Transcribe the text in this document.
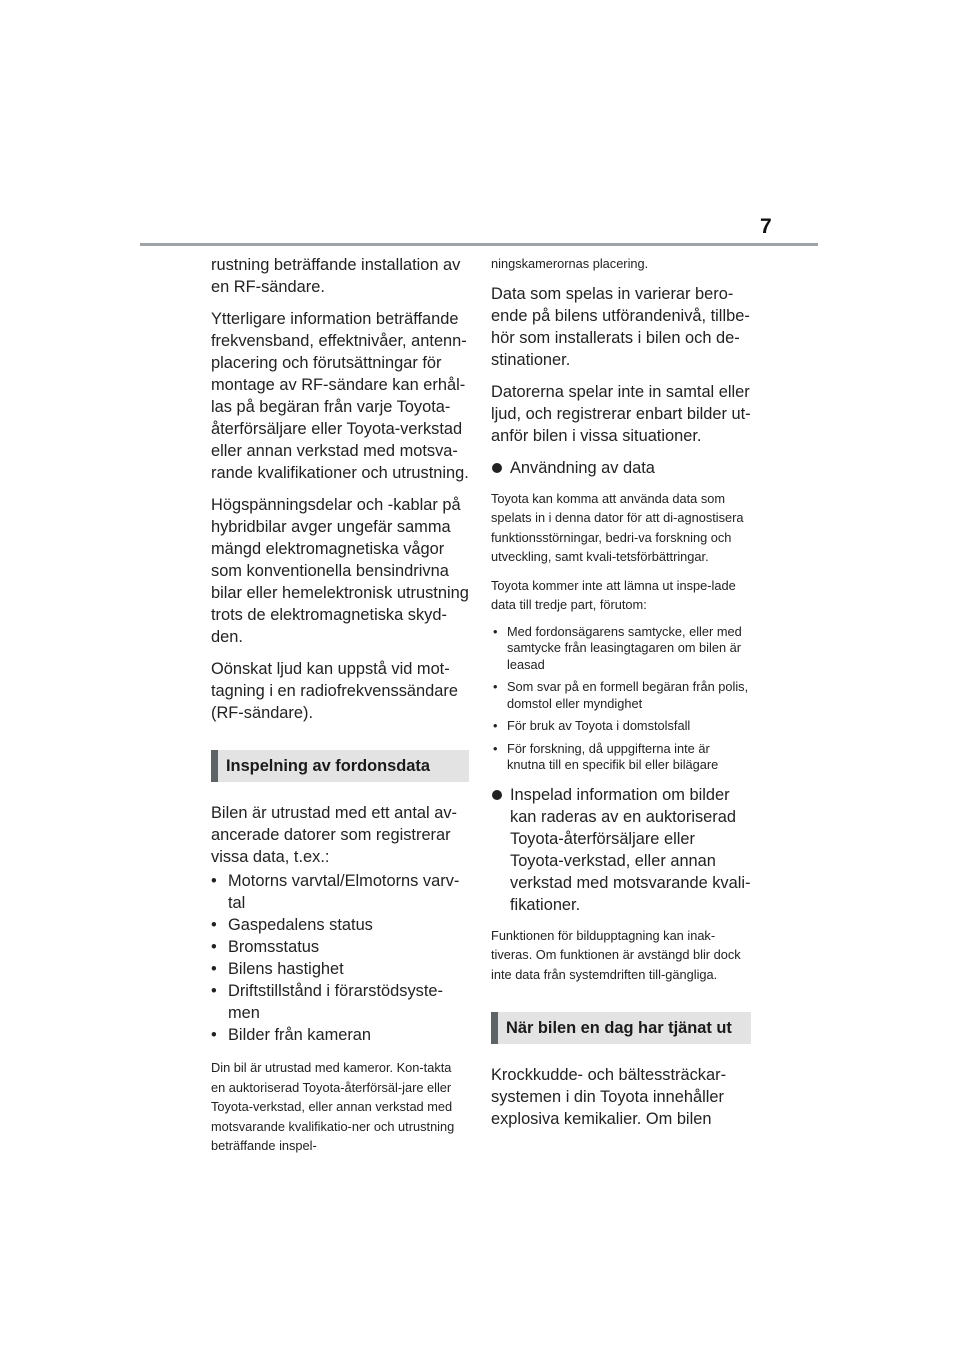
7

rustning beträffande installation av en RF-sändare.

Ytterligare information beträffande frekvensband, effektnivåer, antenn-placering och förutsättningar för montage av RF-sändare kan erhål-las på begäran från varje Toyota-återförsäljare eller Toyota-verkstad eller annan verkstad med motsva-rande kvalifikationer och utrustning.

Högspänningsdelar och -kablar på hybridbilar avger ungefär samma mängd elektromagnetiska vågor som konventionella bensindrivna bilar eller hemelektronisk utrustning trots de elektromagnetiska skyd-den.

Oönskat ljud kan uppstå vid mot-tagning i en radiofrekvenssändare (RF-sändare).

Inspelning av fordonsdata

Bilen är utrustad med ett antal av-ancerade datorer som registrerar vissa data, t.ex.:

• Motorns varvtal/Elmotorns varv-tal
• Gaspedalens status
• Bromsstatus
• Bilens hastighet
• Driftstillstånd i förarstödsyste-men
• Bilder från kameran

Din bil är utrustad med kameror. Kon-takta en auktoriserad Toyota-återförsäl-jare eller Toyota-verkstad, eller annan verkstad med motsvarande kvalifikatio-ner och utrustning beträffande inspel-

ningskamerornas placering.

Data som spelas in varierar bero-ende på bilens utförandenivå, tillbe-hör som installerats i bilen och de-stinationer.

Datorerna spelar inte in samtal eller ljud, och registrerar enbart bilder ut-anför bilen i vissa situationer.

Användning av data

Toyota kan komma att använda data som spelats in i denna dator för att di-agnostisera funktionsstörningar, bedri-va forskning och utveckling, samt kvali-tetsförbättringar.

Toyota kommer inte att lämna ut inspe-lade data till tredje part, förutom:

• Med fordonsägarens samtycke, eller med samtycke från leasingtagaren om bilen är leasad
• Som svar på en formell begäran från polis, domstol eller myndighet
• För bruk av Toyota i domstolsfall
• För forskning, då uppgifterna inte är knutna till en specifik bil eller bilägare
Inspelad information om bilder kan raderas av en auktoriserad Toyota-återförsäljare eller Toyota-verkstad, eller annan verkstad med motsvarande kvali-fikationer.

Funktionen för bildupptagning kan inak-tiveras. Om funktionen är avstängd blir dock inte data från systemdriften till-gängliga.

När bilen en dag har tjänat ut

Krockkudde- och bältessträckar-systemen i din Toyota innehåller explosiva kemikalier. Om bilen
